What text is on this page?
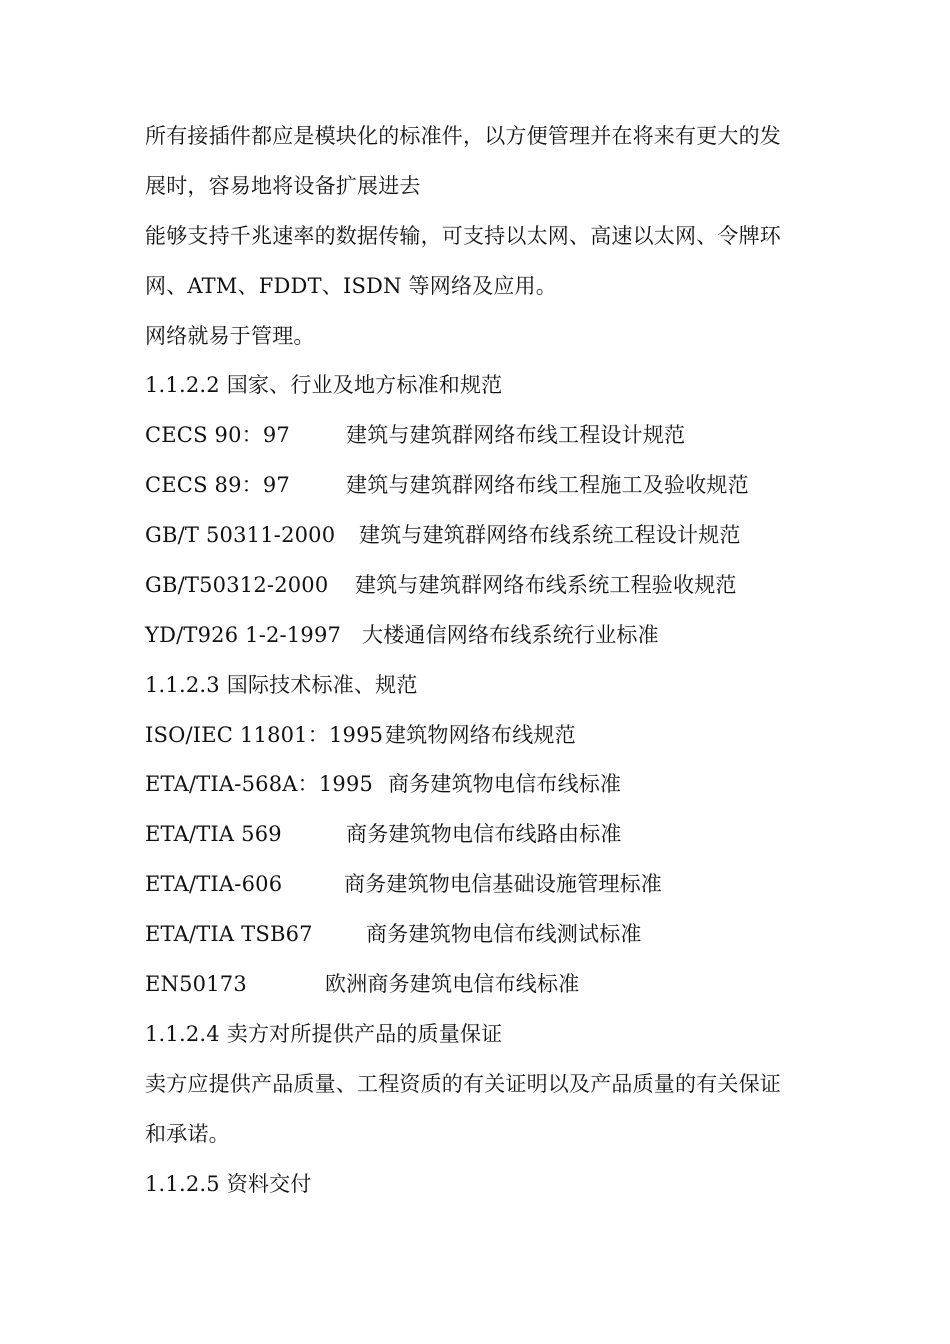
所有接插件都应是模块化的标准件，以方便管理并在将来有更大的发
展时，容易地将设备扩展进去
能够支持千兆速率的数据传输，可支持以太网、高速以太网、令牌环
网、ATM、FDDT、ISDN 等网络及应用。
网络就易于管理。
1.1.2.2 国家、行业及地方标准和规范
CECS 90：97	建筑与建筑群网络布线工程设计规范
CECS 89：97	建筑与建筑群网络布线工程施工及验收规范
GB/T 50311-2000 建筑与建筑群网络布线系统工程设计规范
GB/T50312-2000 建筑与建筑群网络布线系统工程验收规范
YD/T926 1-2-1997 大楼通信网络布线系统行业标准
1.1.2.3 国际技术标准、规范
ISO/IEC 11801：1995 建筑物网络布线规范
ETA/TIA-568A：1995 商务建筑物电信布线标准
ETA/TIA 569	商务建筑物电信布线路由标准
ETA/TIA-606	商务建筑物电信基础设施管理标准
ETA/TIA TSB67	商务建筑物电信布线测试标准
EN50173	欧洲商务建筑电信布线标准
1.1.2.4 卖方对所提供产品的质量保证
卖方应提供产品质量、工程资质的有关证明以及产品质量的有关保证
和承诺。
1.1.2.5 资料交付
